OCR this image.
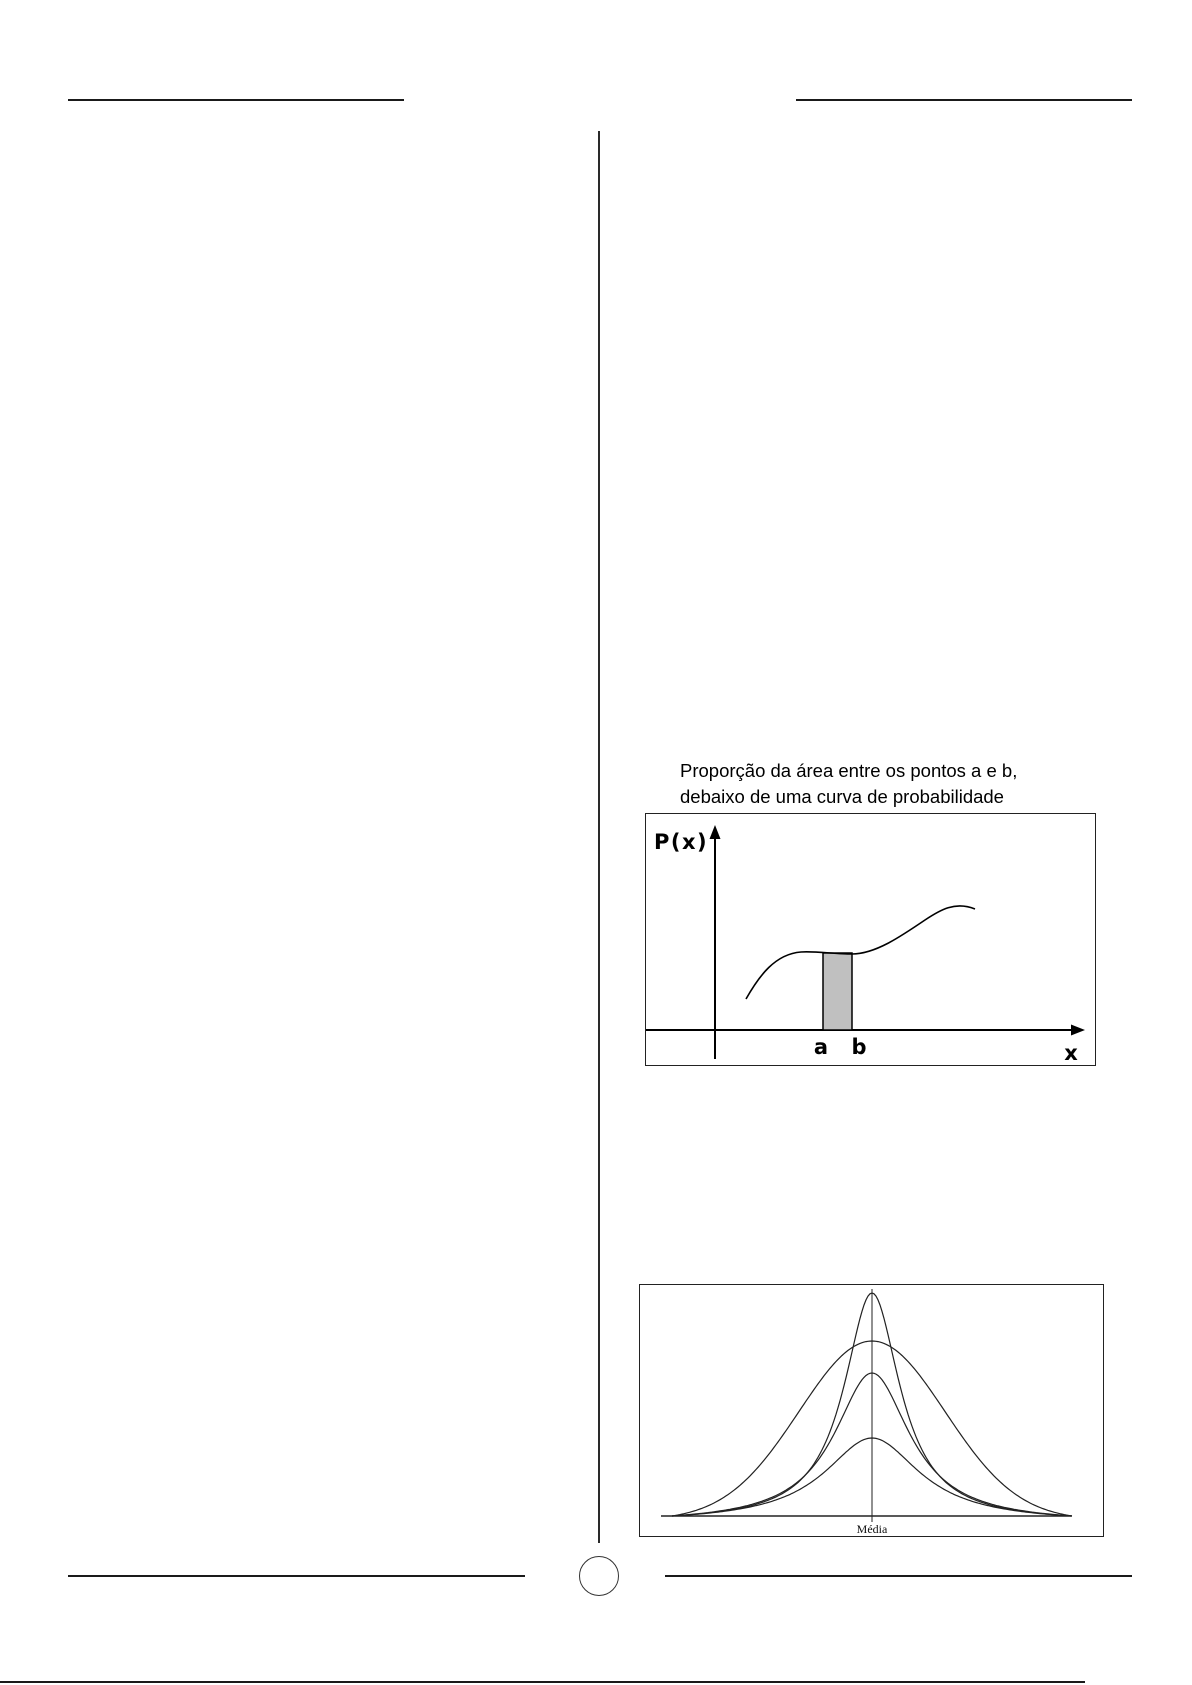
Proporção da área entre os pontos a e b,
debaixo de uma curva de probabilidade
P(x)
a b	x
Média
